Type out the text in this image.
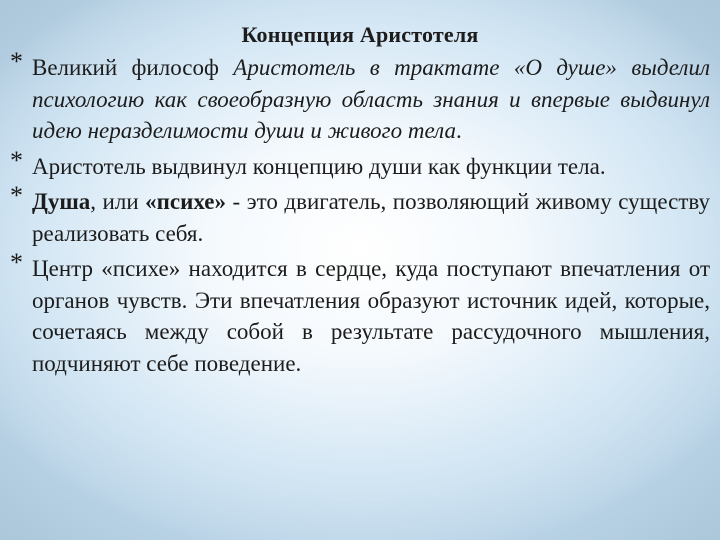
Концепция Аристотеля

* Великий философ Аристотель в трактате «О душе» выделил психологию как своеобразную область знания и впервые выдвинул идею неразделимости души и живого тела.

* Аристотель выдвинул концепцию души как функции тела.

* Душа, или «психе» - это двигатель, позволяющий живому существу реализовать себя.

* Центр «психе» находится в сердце, куда поступают впечатления от органов чувств. Эти впечатления образуют источник идей, которые, сочетаясь между собой в результате рассудочного мышления, подчиняют себе поведение.
